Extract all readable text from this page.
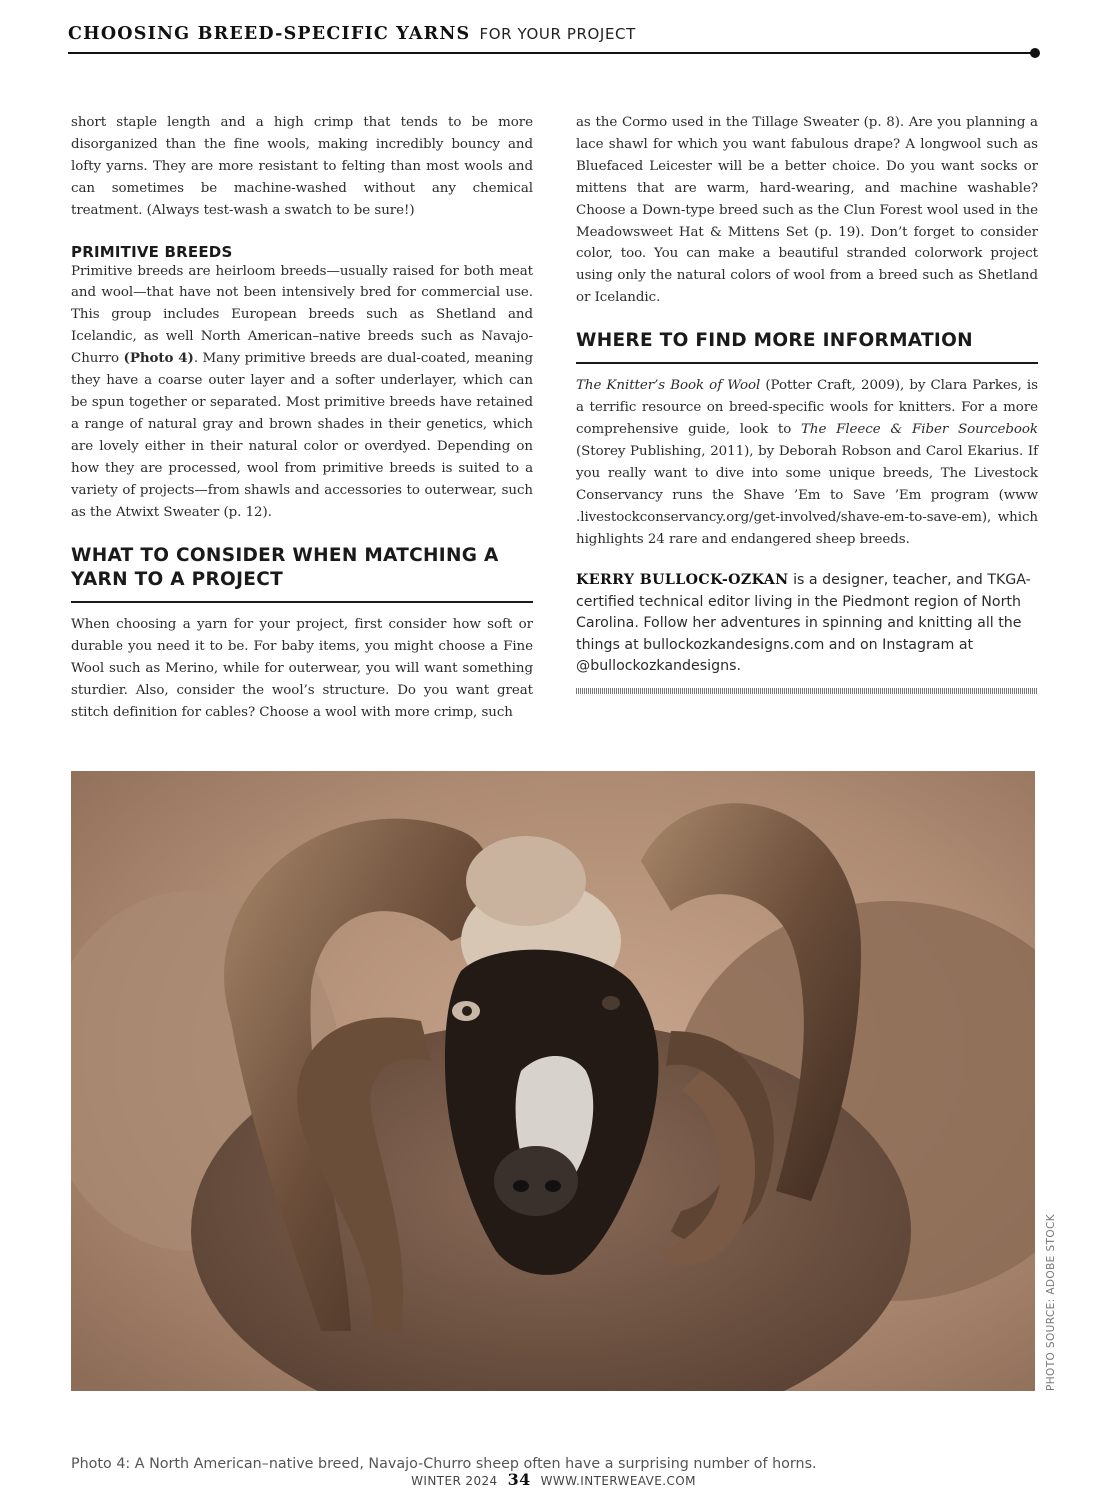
CHOOSING BREED-SPECIFIC YARNS FOR YOUR PROJECT

short staple length and a high crimp that tends to be more disorganized than the fine wools, making incredibly bouncy and lofty yarns. They are more resistant to felting than most wools and can sometimes be machine-washed without any chemical treatment. (Always test-wash a swatch to be sure!)

PRIMITIVE BREEDS

Primitive breeds are heirloom breeds—usually raised for both meat and wool—that have not been intensively bred for commercial use. This group includes European breeds such as Shetland and Icelandic, as well North American–native breeds such as Navajo-Churro (Photo 4). Many primitive breeds are dual-coated, meaning they have a coarse outer layer and a softer underlayer, which can be spun together or separated. Most primitive breeds have retained a range of natural gray and brown shades in their genetics, which are lovely either in their natural color or overdyed. Depending on how they are processed, wool from primitive breeds is suited to a variety of projects—from shawls and accessories to outerwear, such as the Atwixt Sweater (p. 12).

WHAT TO CONSIDER WHEN MATCHING A YARN TO A PROJECT

When choosing a yarn for your project, first consider how soft or durable you need it to be. For baby items, you might choose a Fine Wool such as Merino, while for outerwear, you will want something sturdier. Also, consider the wool’s structure. Do you want great stitch definition for cables? Choose a wool with more crimp, such

as the Cormo used in the Tillage Sweater (p. 8). Are you planning a lace shawl for which you want fabulous drape? A longwool such as Bluefaced Leicester will be a better choice. Do you want socks or mittens that are warm, hard-wearing, and machine washable? Choose a Down-type breed such as the Clun Forest wool used in the Meadowsweet Hat & Mittens Set (p. 19). Don’t forget to consider color, too. You can make a beautiful stranded colorwork project using only the natural colors of wool from a breed such as Shetland or Icelandic.

WHERE TO FIND MORE INFORMATION

The Knitter’s Book of Wool (Potter Craft, 2009), by Clara Parkes, is a terrific resource on breed-specific wools for knitters. For a more comprehensive guide, look to The Fleece & Fiber Sourcebook (Storey Publishing, 2011), by Deborah Robson and Carol Ekarius. If you really want to dive into some unique breeds, The Livestock Conservancy runs the Shave ’Em to Save ’Em program (www .livestockconservancy.org/get-involved/shave-em-to-save-em), which highlights 24 rare and endangered sheep breeds.

KERRY BULLOCK-OZKAN is a designer, teacher, and TKGA-certified technical editor living in the Piedmont region of North Carolina. Follow her adventures in spinning and knitting all the things at bullockozkandesigns.com and on Instagram at @bullockozkandesigns.

PHOTO SOURCE: ADOBE STOCK

Photo 4: A North American–native breed, Navajo-Churro sheep often have a surprising number of horns.

WINTER 2024 34 WWW.INTERWEAVE.COM
